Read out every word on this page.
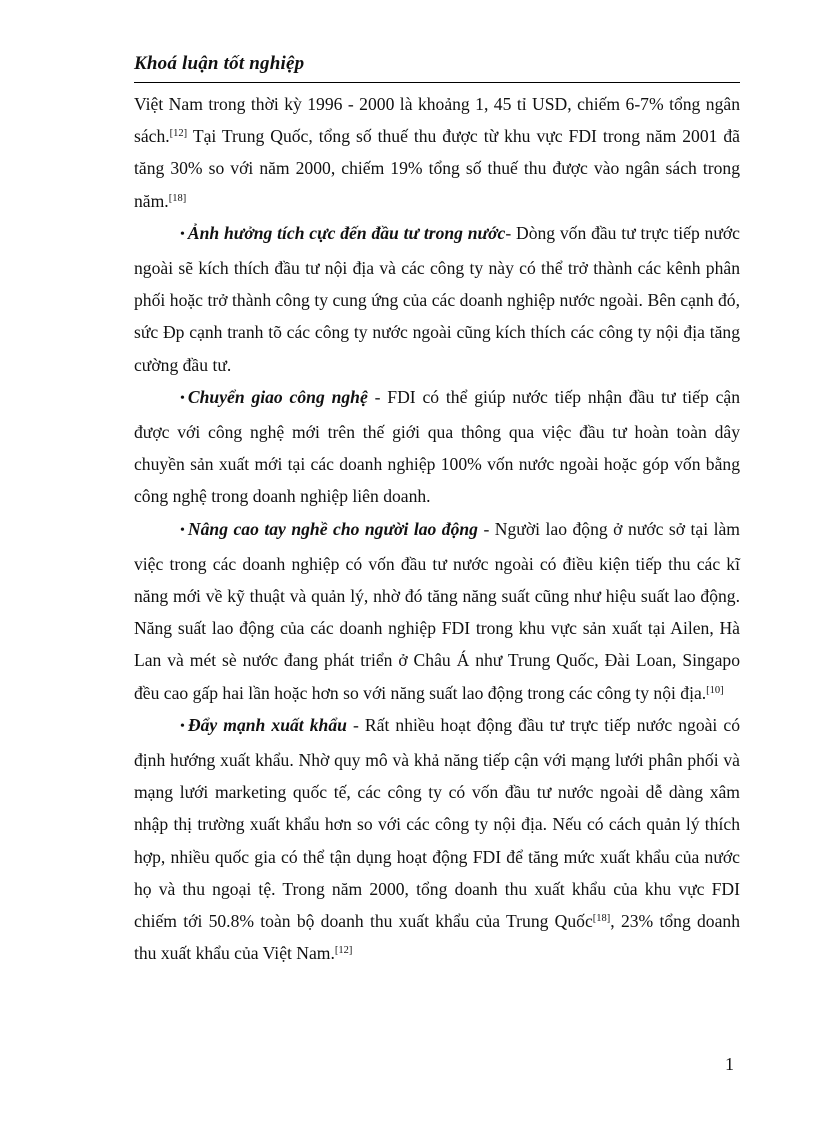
Khoá luận tốt nghiệp

Việt Nam trong thời kỳ 1996 - 2000 là khoảng 1, 45 tỉ USD, chiếm 6-7% tổng ngân sách.[12] Tại Trung Quốc, tổng số thuế thu được từ khu vực FDI trong năm 2001 đã tăng 30% so với năm 2000, chiếm 19% tổng số thuế thu được vào ngân sách trong năm.[18]

• Ảnh hưởng tích cực đến đầu tư trong nước- Dòng vốn đầu tư trực tiếp nước ngoài sẽ kích thích đầu tư nội địa và các công ty này có thể trở thành các kênh phân phối hoặc trở thành công ty cung ứng của các doanh nghiệp nước ngoài. Bên cạnh đó, sức Đp cạnh tranh tõ các công ty nước ngoài cũng kích thích các công ty nội địa tăng cường đầu tư.

• Chuyển giao công nghệ - FDI có thể giúp nước tiếp nhận đầu tư tiếp cận được với công nghệ mới trên thế giới qua thông qua việc đầu tư hoàn toàn dây chuyền sản xuất mới tại các doanh nghiệp 100% vốn nước ngoài hoặc góp vốn bằng công nghệ trong doanh nghiệp liên doanh.

• Nâng cao tay nghề cho người lao động - Người lao động ở nước sở tại làm việc trong các doanh nghiệp có vốn đầu tư nước ngoài có điều kiện tiếp thu các kĩ năng mới về kỹ thuật và quản lý, nhờ đó tăng năng suất cũng như hiệu suất lao động. Năng suất lao động của các doanh nghiệp FDI trong khu vực sản xuất tại Ailen, Hà Lan và mét sè nước đang phát triển ở Châu Á như Trung Quốc, Đài Loan, Singapo đều cao gấp hai lần hoặc hơn so với năng suất lao động trong các công ty nội địa.[10]

• Đẩy mạnh xuất khẩu - Rất nhiều hoạt động đầu tư trực tiếp nước ngoài có định hướng xuất khẩu. Nhờ quy mô và khả năng tiếp cận với mạng lưới phân phối và mạng lưới marketing quốc tế, các công ty có vốn đầu tư nước ngoài dễ dàng xâm nhập thị trường xuất khẩu hơn so với các công ty nội địa. Nếu có cách quản lý thích hợp, nhiều quốc gia có thể tận dụng hoạt động FDI để tăng mức xuất khẩu của nước họ và thu ngoại tệ. Trong năm 2000, tổng doanh thu xuất khẩu của khu vực FDI chiếm tới 50.8% toàn bộ doanh thu xuất khẩu của Trung Quốc[18], 23% tổng doanh thu xuất khẩu của Việt Nam.[12]

1
